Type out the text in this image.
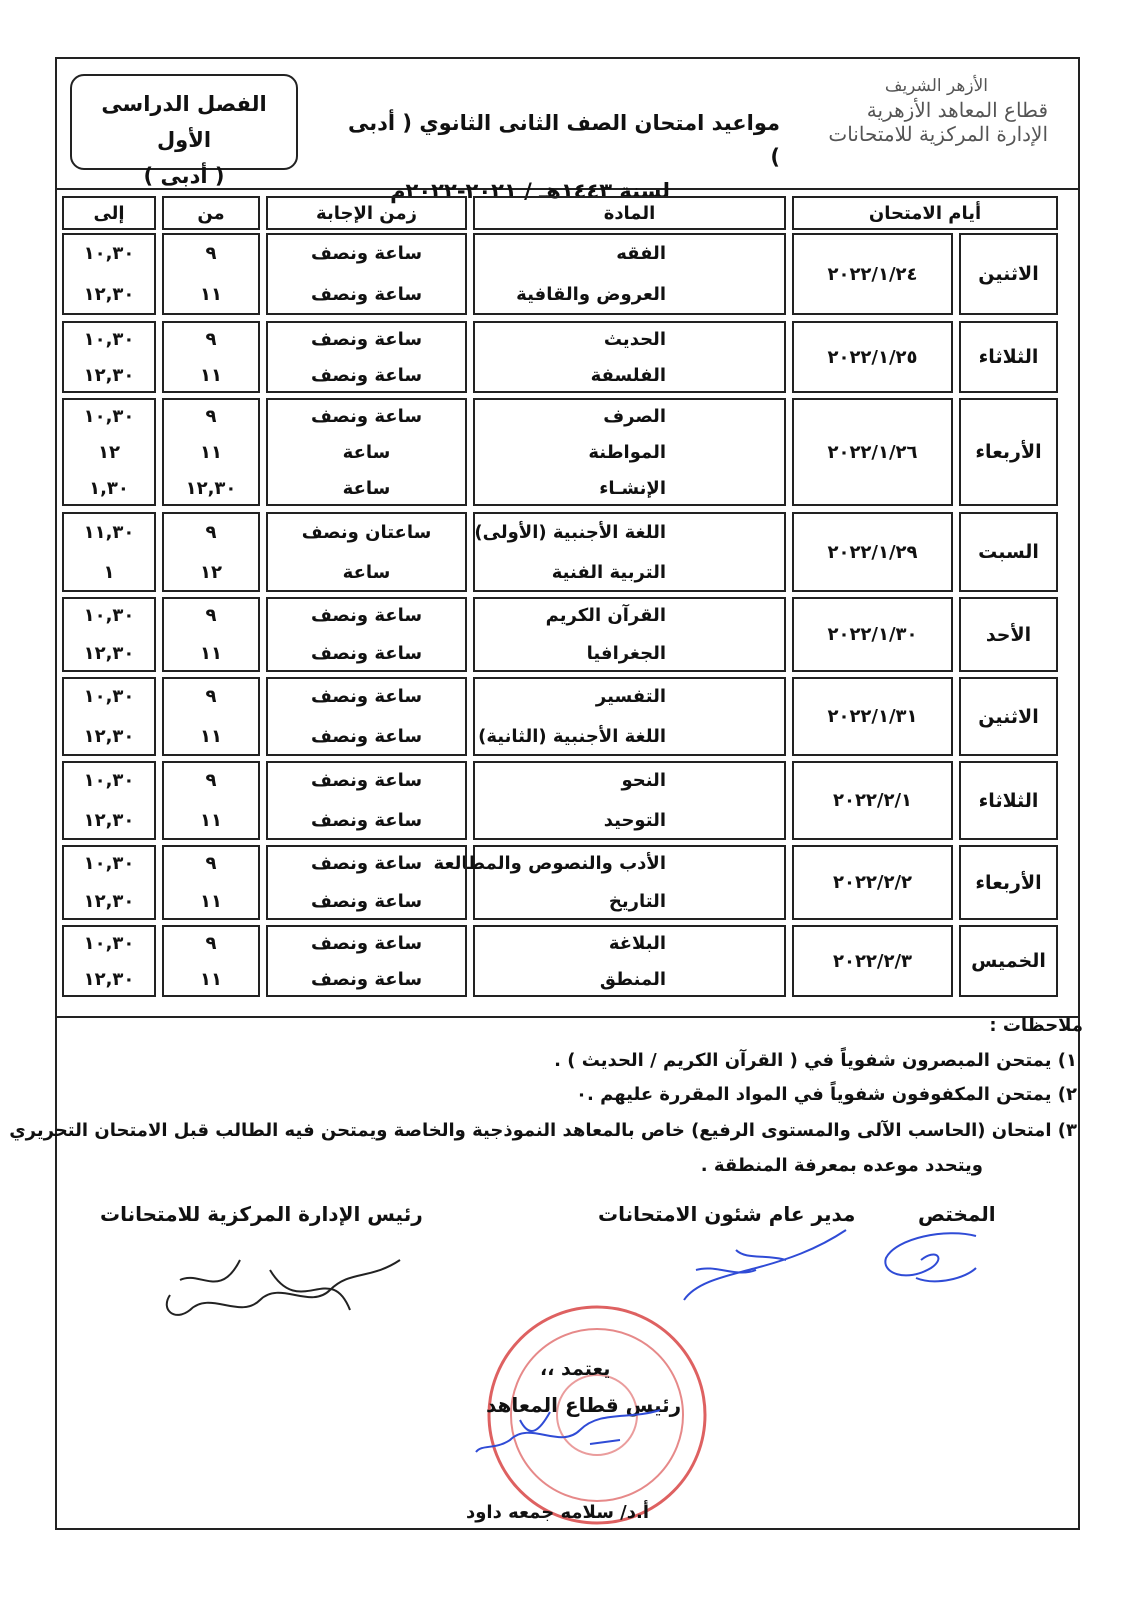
الأزهر الشريف
قطاع المعاهد الأزهرية
الإدارة المركزية للامتحانات
مواعيد امتحان الصف الثانى الثانوي ( أدبى )
لسنة ١٤٤٣هـ / ٢٠٢١-٢٠٢٢م
الفصل الدراسى الأول
( أدبى )
أيام الامتحان
المادة
زمن الإجابة
من
إلى
الاثنين
٢٠٢٢/١/٢٤
الفقه
العروض والقافية
ساعة ونصف
ساعة ونصف
٩
١١
١٠,٣٠
١٢,٣٠
الثلاثاء
٢٠٢٢/١/٢٥
الحديث
الفلسفة
ساعة ونصف
ساعة ونصف
٩
١١
١٠,٣٠
١٢,٣٠
الأربعاء
٢٠٢٢/١/٢٦
الصرف
المواطنة
الإنشـاء
ساعة ونصف
ساعة
ساعة
٩
١١
١٢,٣٠
١٠,٣٠
١٢
١,٣٠
السبت
٢٠٢٢/١/٢٩
اللغة الأجنبية (الأولى)
التربية الفنية
ساعتان ونصف
ساعة
٩
١٢
١١,٣٠
١
الأحد
٢٠٢٢/١/٣٠
القرآن الكريم
الجغرافيا
ساعة ونصف
ساعة ونصف
٩
١١
١٠,٣٠
١٢,٣٠
الاثنين
٢٠٢٢/١/٣١
التفسير
اللغة الأجنبية (الثانية)
ساعة ونصف
ساعة ونصف
٩
١١
١٠,٣٠
١٢,٣٠
الثلاثاء
٢٠٢٢/٢/١
النحو
التوحيد
ساعة ونصف
ساعة ونصف
٩
١١
١٠,٣٠
١٢,٣٠
الأربعاء
٢٠٢٢/٢/٢
الأدب والنصوص والمطالعة
التاريخ
ساعة ونصف
ساعة ونصف
٩
١١
١٠,٣٠
١٢,٣٠
الخميس
٢٠٢٢/٢/٣
البلاغة
المنطق
ساعة ونصف
ساعة ونصف
٩
١١
١٠,٣٠
١٢,٣٠
ملاحظات :
١) يمتحن المبصرون شفوياً في ( القرآن الكريم / الحديث ) .
٢) يمتحن المكفوفون شفوياً في المواد المقررة عليهم .٠
٣) امتحان (الحاسب الآلى والمستوى الرفيع) خاص بالمعاهد النموذجية والخاصة ويمتحن فيه الطالب قبل الامتحان التحريري
ويتحدد موعده بمعرفة المنطقة .
المختص
مدير عام شئون الامتحانات
رئيس الإدارة المركزية للامتحانات
يعتمد ،،
رئيس قطاع المعاهد
أ.د/ سلامه جمعه داود
